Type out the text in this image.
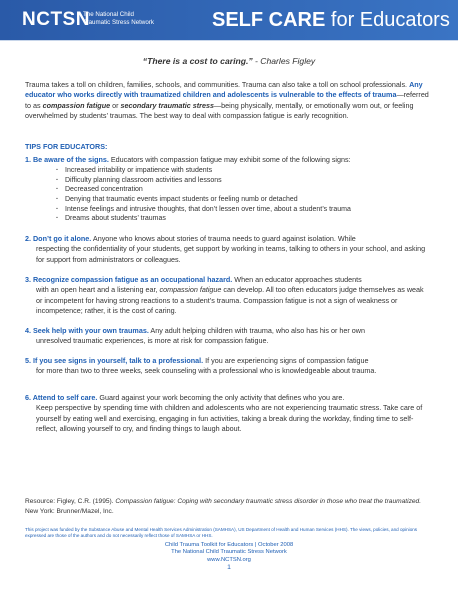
NCTSN
The National Child
Traumatic Stress Network	SELF CARE for Educators
“There is a cost to caring.” - Charles Figley

Trauma takes a toll on children, families, schools, and communities. Trauma can also take a toll on school professionals. Any educator who works directly with traumatized children and adolescents is vulnerable to the effects of trauma—referred to as compassion fatigue or secondary traumatic stress—being physically, mentally, or emotionally worn out, or feeling overwhelmed by students’ traumas. The best way to deal with compassion fatigue is early recognition.

TIPS FOR EDUCATORS:
1. Be aware of the signs. Educators with compassion fatigue may exhibit some of the following signs:
· Increased irritability or impatience with students
· Difficulty planning classroom activities and lessons
· Decreased concentration
· Denying that traumatic events impact students or feeling numb or detached
· Intense feelings and intrusive thoughts, that don’t lessen over time, about a student’s trauma
· Dreams about students’ traumas
2. Don’t go it alone. Anyone who knows about stories of trauma needs to guard against isolation. While
respecting the confidentiality of your students, get support by working in teams, talking to others in your school, and asking for support from administrators or colleagues.
3. Recognize compassion fatigue as an occupational hazard. When an educator approaches students
with an open heart and a listening ear, compassion fatigue can develop. All too often educators judge themselves as weak or incompetent for having strong reactions to a student’s trauma. Compassion fatigue is not a sign of weakness or incompetence; rather, it is the cost of caring.
4. Seek help with your own traumas. Any adult helping children with trauma, who also has his or her own
unresolved traumatic experiences, is more at risk for compassion fatigue.
5. If you see signs in yourself, talk to a professional. If you are experiencing signs of compassion fatigue
for more than two to three weeks, seek counseling with a professional who is knowledgeable about trauma.
6. Attend to self care. Guard against your work becoming the only activity that defines who you are.
Keep perspective by spending time with children and adolescents who are not experiencing traumatic stress. Take care of yourself by eating well and exercising, engaging in fun activities, taking a break during the workday, finding time to self-reflect, allowing yourself to cry, and finding things to laugh about.

Resource: Figley, C.R. (1995). Compassion fatigue: Coping with secondary traumatic stress disorder in those who treat the traumatized. New York: Brunner/Mazel, Inc.

This project was funded by the Substance Abuse and Mental Health Services Administration (SAMHSA), US Department of Health and Human Services (HHS). The views, policies, and opinions expressed are those of the authors and do not necessarily reflect those of SAMHSA or HHS.

Child Trauma Toolkit for Educators | October 2008
The National Child Traumatic Stress Network
www.NCTSN.org
1
